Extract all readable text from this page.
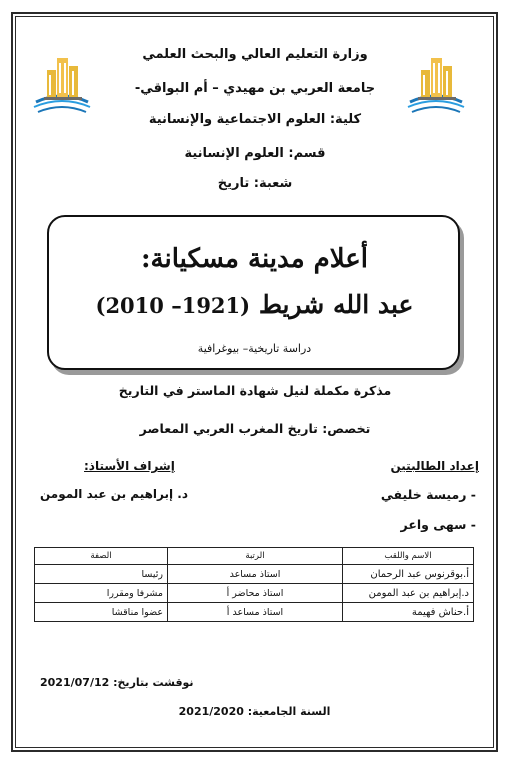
وزارة التعليم العالي والبحث العلمي
جامعة العربي بن مهيدي – أم البواقي-
كلية: العلوم الاجتماعية والإنسانية
قسم: العلوم الإنسانية
شعبة: تاريخ
أعلام مدينة مسكيانة:
عبد الله شريط (1921– 2010)
دراسة تاريخية– بيوغرافية
مذكرة مكملة لنيل شهادة الماستر في التاريخ
تخصص: تاريخ المغرب العربي المعاصر
إعداد الطالبتين
إشراف الأستاذ:
- رميسة خليفي
- سهى واعر
د. إبراهيم بن عبد المومن
الاسم واللقب	الرتبة	الصفة
أ.بوقرنوس عبد الرحمان	استاذ مساعد	رئيسا
د.إبراهيم بن عبد المومن	استاذ محاضر أ	مشرفا ومقررا
أ.حناش فهيمة	استاذ مساعد أ	عضوا مناقشا
نوقشت بتاريخ: 2021/07/12
السنة الجامعية: 2021/2020
